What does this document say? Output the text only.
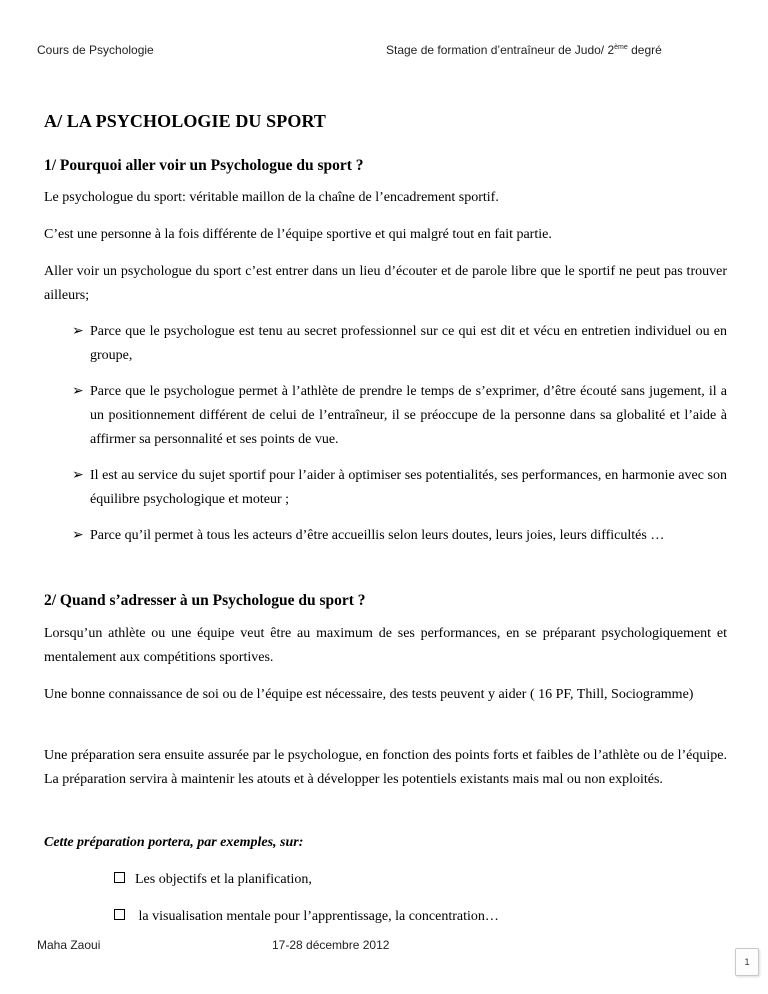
Cours de Psychologie	Stage de formation d’entraîneur de Judo/ 2ème degré
A/ LA PSYCHOLOGIE DU SPORT
1/ Pourquoi aller voir un Psychologue du sport ?
Le psychologue du sport: véritable maillon de la chaîne de l’encadrement sportif.
C’est une personne à la fois différente de l’équipe sportive et qui malgré tout en fait partie.
Aller voir un psychologue du sport c’est entrer dans un lieu d’écouter et de parole libre que le sportif ne peut pas trouver ailleurs;
➢ Parce que le psychologue est tenu au secret professionnel sur ce qui est dit et vécu en entretien individuel ou en groupe,
➢ Parce que le psychologue permet à l’athlète de prendre le temps de s’exprimer, d’être écouté sans jugement, il a un positionnement différent de celui de l’entraîneur, il se préoccupe de la personne dans sa globalité et l’aide à affirmer sa personnalité et ses points de vue.
➢ Il est au service du sujet sportif pour l’aider à optimiser ses potentialités, ses performances, en harmonie avec son équilibre psychologique et moteur ;
➢ Parce qu’il permet à tous les acteurs d’être accueillis selon leurs doutes, leurs joies, leurs difficultés …
2/ Quand s’adresser à un Psychologue du sport ?
Lorsqu’un athlète ou une équipe veut être au maximum de ses performances, en se préparant psychologiquement et mentalement aux compétitions sportives.
Une bonne connaissance de soi ou de l’équipe est nécessaire, des tests peuvent y aider ( 16 PF, Thill, Sociogramme)
Une préparation sera ensuite assurée par le psychologue, en fonction des points forts et faibles de l’athlète ou de l’équipe. La préparation servira à maintenir les atouts et à développer les potentiels existants mais mal ou non exploités.
Cette préparation portera, par exemples, sur:
Les objectifs et la planification,
la visualisation mentale pour l’apprentissage, la concentration…
Maha Zaoui	17-28 décembre 2012
1
